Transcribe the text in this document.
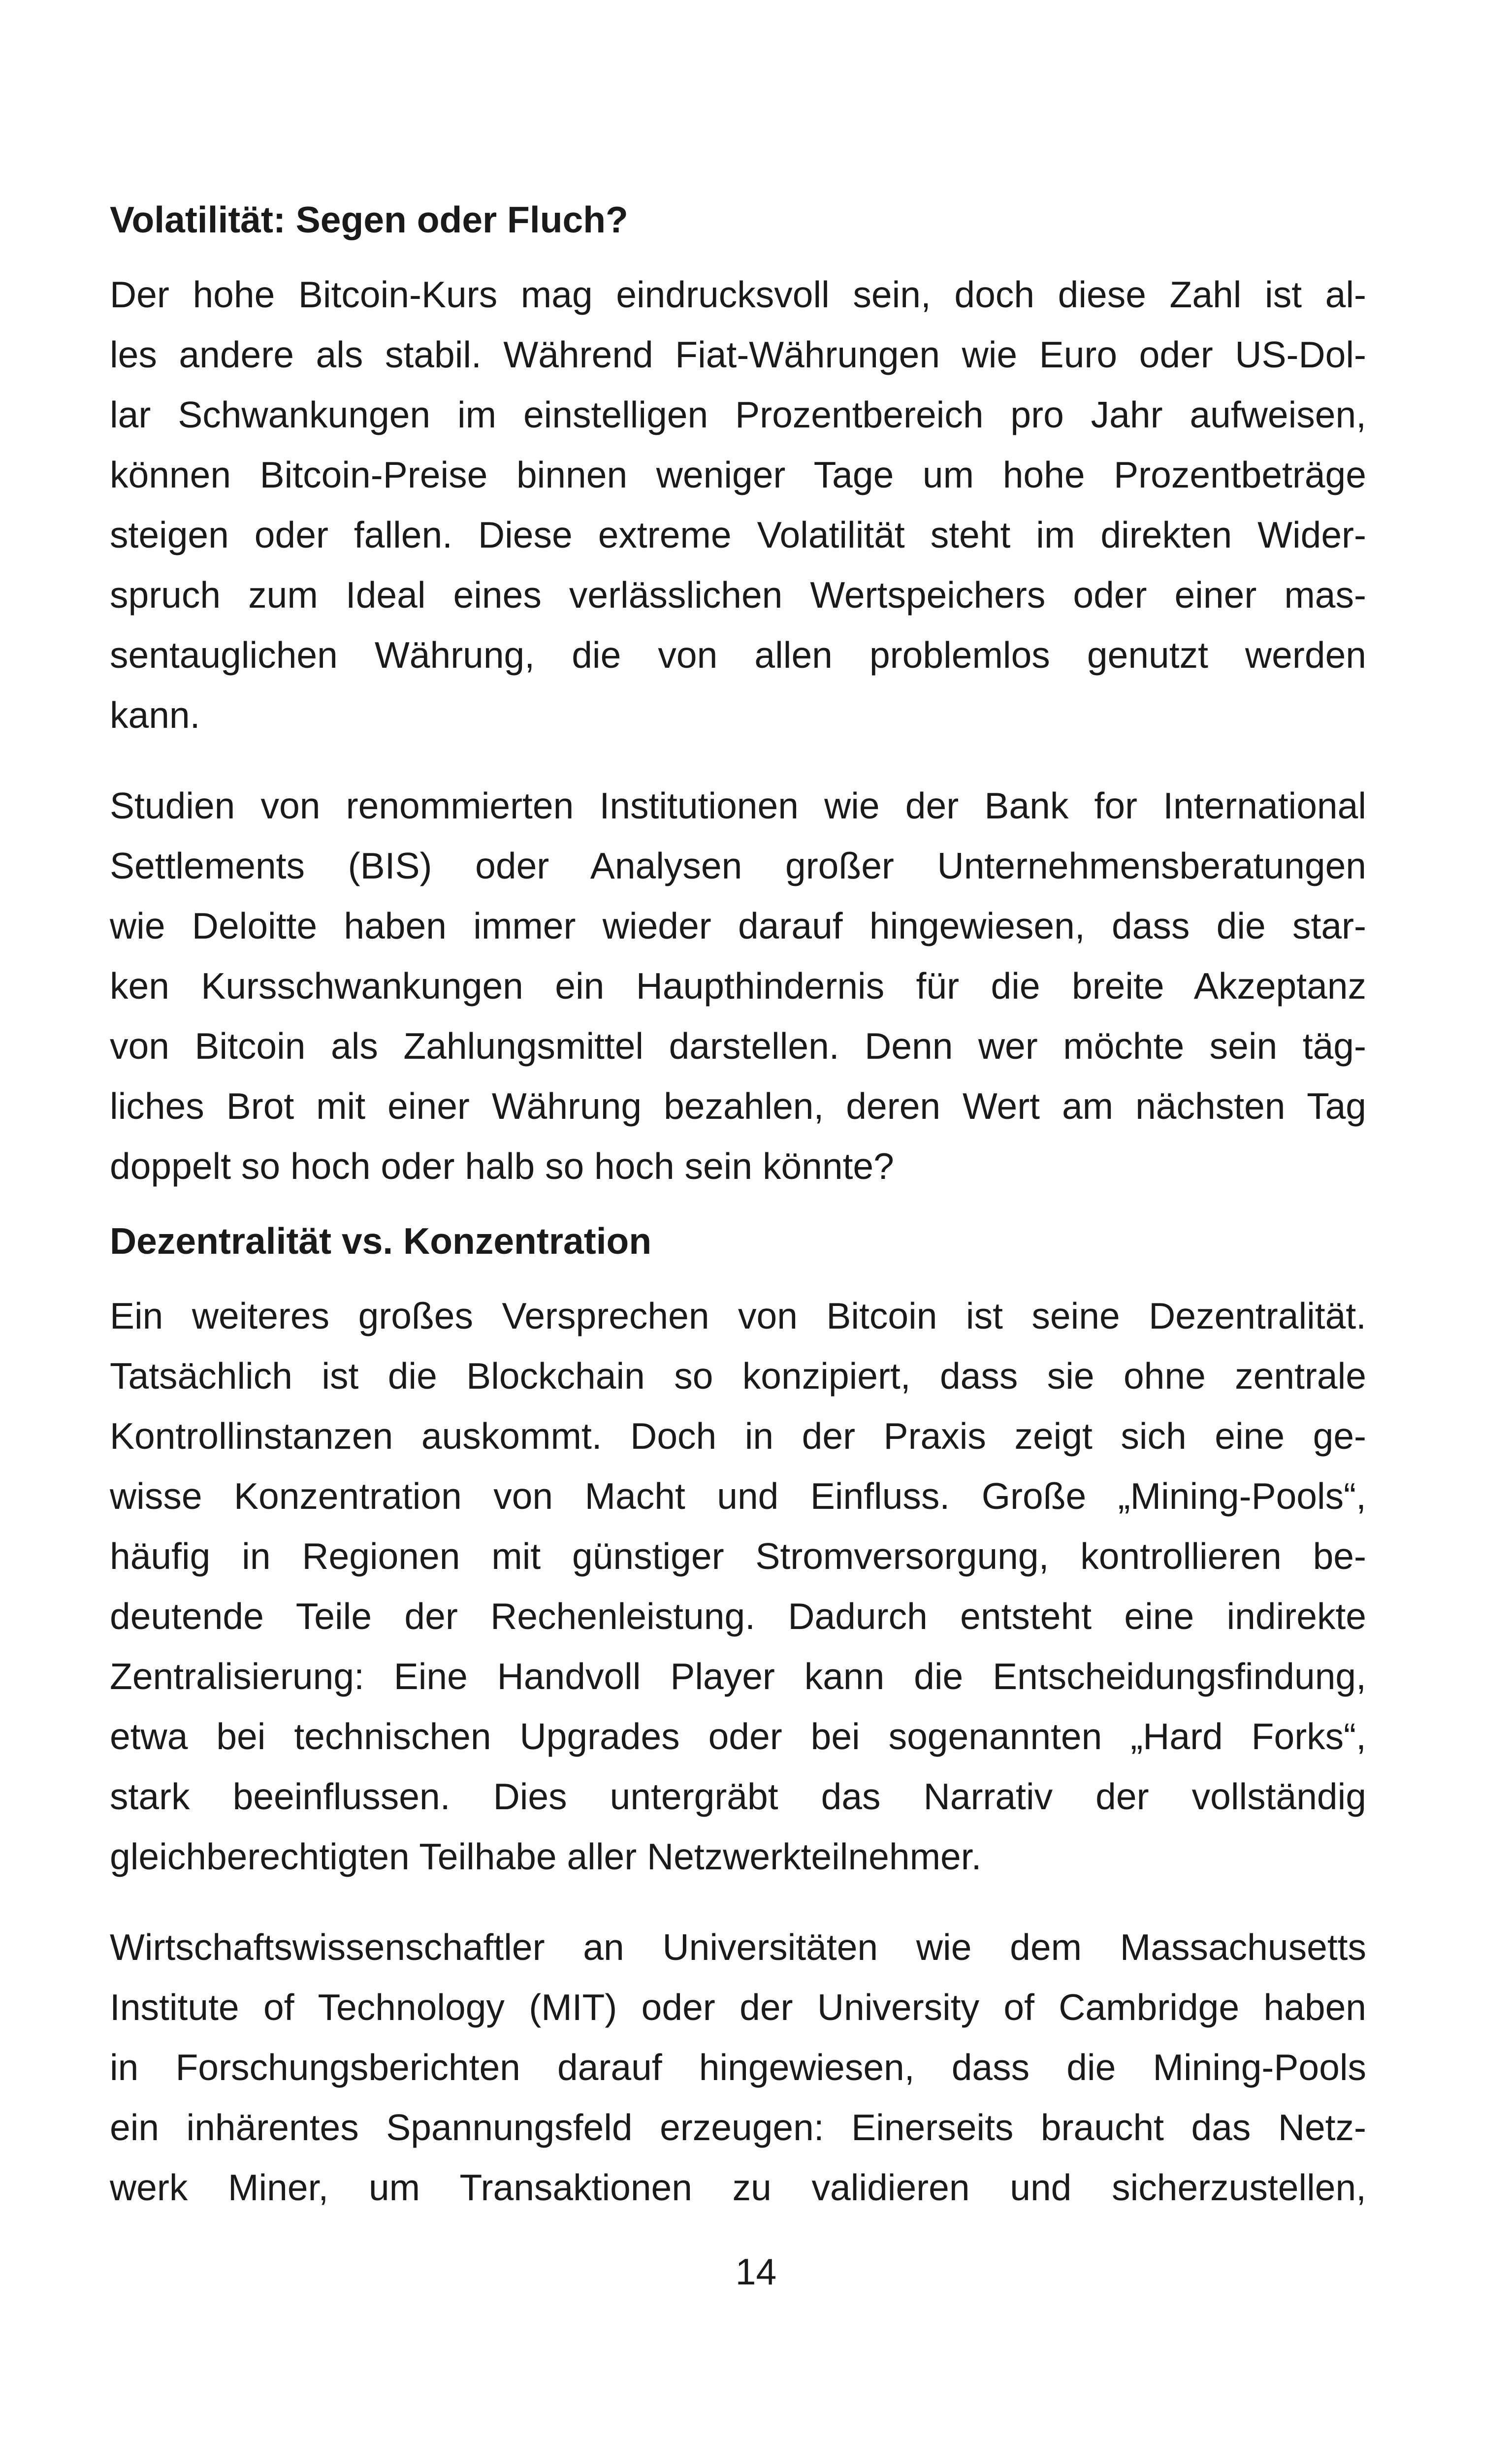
Volatilität: Segen oder Fluch?
Der hohe Bitcoin-Kurs mag eindrucksvoll sein, doch diese Zahl ist al-
les andere als stabil. Während Fiat-Währungen wie Euro oder US-Dol-
lar Schwankungen im einstelligen Prozentbereich pro Jahr aufweisen,
können Bitcoin-Preise binnen weniger Tage um hohe Prozentbeträge
steigen oder fallen. Diese extreme Volatilität steht im direkten Wider-
spruch zum Ideal eines verlässlichen Wertspeichers oder einer mas-
sentauglichen Währung, die von allen problemlos genutzt werden
kann.
Studien von renommierten Institutionen wie der Bank for International
Settlements (BIS) oder Analysen großer Unternehmensberatungen
wie Deloitte haben immer wieder darauf hingewiesen, dass die star-
ken Kursschwankungen ein Haupthindernis für die breite Akzeptanz
von Bitcoin als Zahlungsmittel darstellen. Denn wer möchte sein täg-
liches Brot mit einer Währung bezahlen, deren Wert am nächsten Tag
doppelt so hoch oder halb so hoch sein könnte?
Dezentralität vs. Konzentration
Ein weiteres großes Versprechen von Bitcoin ist seine Dezentralität.
Tatsächlich ist die Blockchain so konzipiert, dass sie ohne zentrale
Kontrollinstanzen auskommt. Doch in der Praxis zeigt sich eine ge-
wisse Konzentration von Macht und Einfluss. Große „Mining-Pools“,
häufig in Regionen mit günstiger Stromversorgung, kontrollieren be-
deutende Teile der Rechenleistung. Dadurch entsteht eine indirekte
Zentralisierung: Eine Handvoll Player kann die Entscheidungsfindung,
etwa bei technischen Upgrades oder bei sogenannten „Hard Forks“,
stark beeinflussen. Dies untergräbt das Narrativ der vollständig
gleichberechtigten Teilhabe aller Netzwerkteilnehmer.
Wirtschaftswissenschaftler an Universitäten wie dem Massachusetts
Institute of Technology (MIT) oder der University of Cambridge haben
in Forschungsberichten darauf hingewiesen, dass die Mining-Pools
ein inhärentes Spannungsfeld erzeugen: Einerseits braucht das Netz-
werk Miner, um Transaktionen zu validieren und sicherzustellen,
14
